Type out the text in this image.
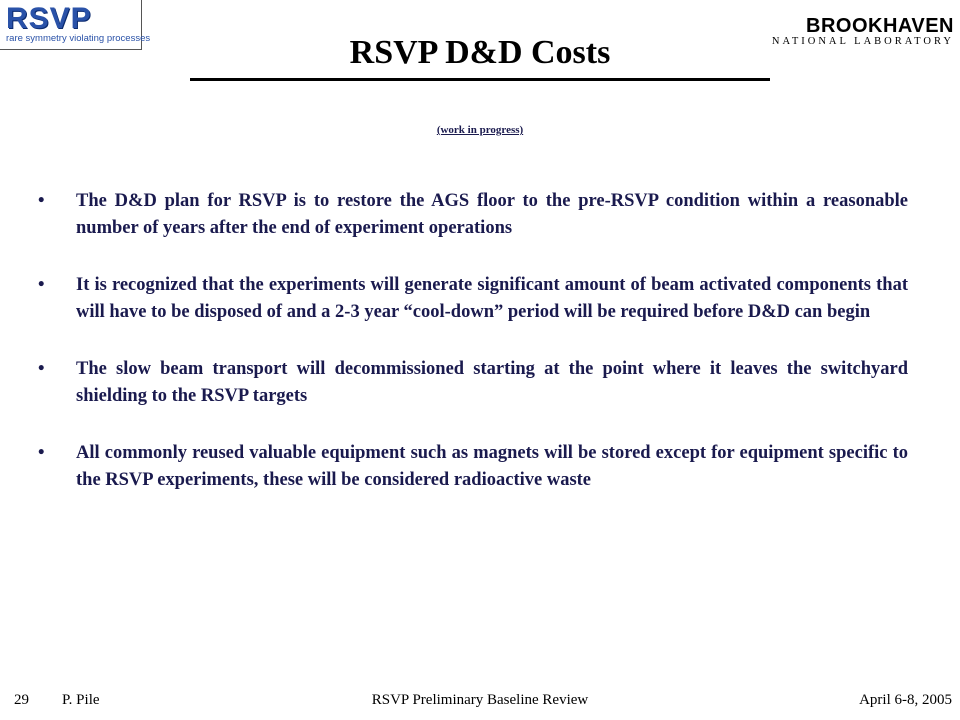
RSVP
rare symmetry violating processes
BROOKHAVEN
NATIONAL LABORATORY
RSVP D&D Costs
(work in progress)
• The D&D plan for RSVP is to restore the AGS floor to the pre-RSVP condition within a reasonable number of years after the end of experiment operations
• It is recognized that the experiments will generate significant amount of beam activated components that will have to be disposed of and a 2-3 year “cool-down” period will be required before D&D can begin
• The slow beam transport will decommissioned starting at the point where it leaves the switchyard shielding to the RSVP targets
• All commonly reused valuable equipment such as magnets will be stored except for equipment specific to the RSVP experiments, these will be considered radioactive waste
29 P. Pile	RSVP Preliminary Baseline Review	April 6-8, 2005
